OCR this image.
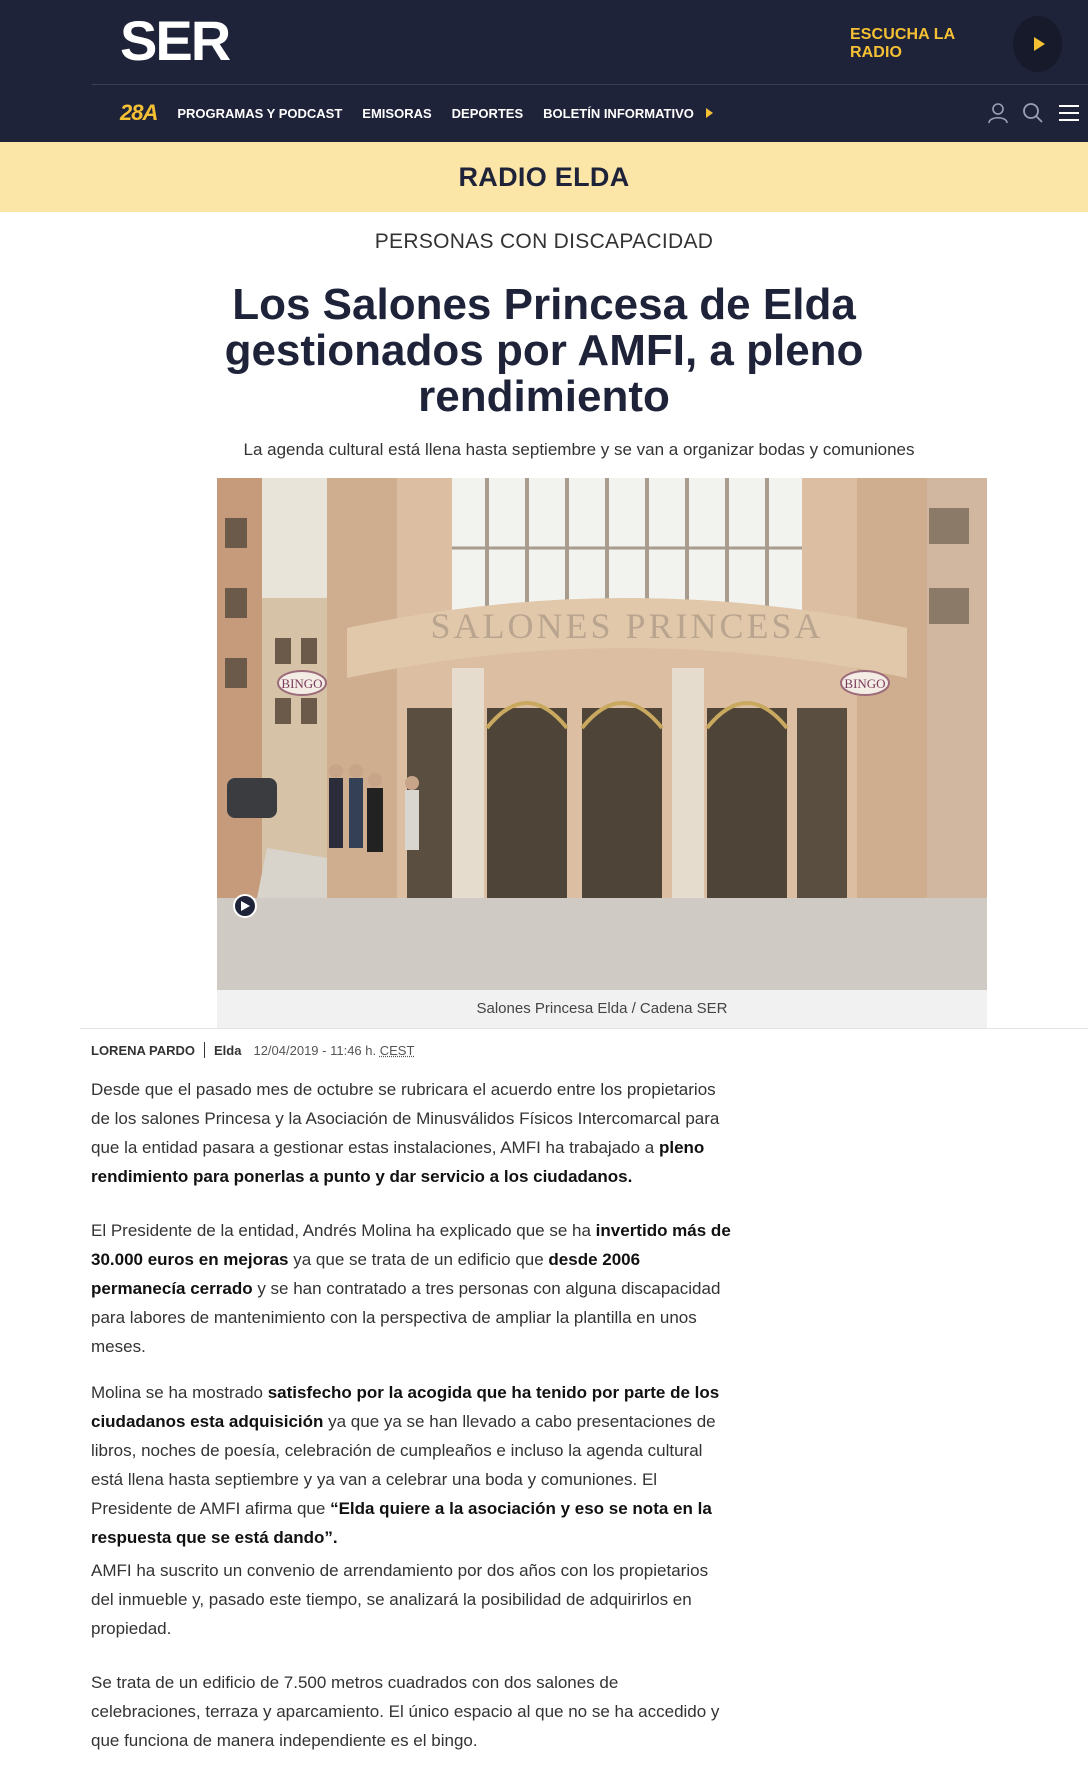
SER	ESCUCHA LA RADIO
28A PROGRAMAS Y PODCAST EMISORAS DEPORTES BOLETÍN INFORMATIVO
RADIO ELDA
PERSONAS CON DISCAPACIDAD
Los Salones Princesa de Elda gestionados por AMFI, a pleno rendimiento
La agenda cultural está llena hasta septiembre y se van a organizar bodas y comuniones
SALONES PRINCESA
BINGO	BINGO
Salones Princesa Elda / Cadena SER
LORENA PARDO Elda 12/04/2019 - 11:46 h.
CEST

Desde que el pasado mes de octubre se rubricara el acuerdo entre los propietarios de los salones Princesa y la Asociación de Minusválidos Físicos Intercomarcal para que la entidad pasara a gestionar estas instalaciones, AMFI ha trabajado a pleno rendimiento para ponerlas a punto y dar servicio a los ciudadanos.

El Presidente de la entidad, Andrés Molina ha explicado que se ha invertido más de 30.000 euros en mejoras ya que se trata de un edificio que desde 2006 permanecía cerrado y se han contratado a tres personas con alguna discapacidad para labores de mantenimiento con la perspectiva de ampliar la plantilla en unos meses.

Molina se ha mostrado satisfecho por la acogida que ha tenido por parte de los ciudadanos esta adquisición ya que ya se han llevado a cabo presentaciones de libros, noches de poesía, celebración de cumpleaños e incluso la agenda cultural está llena hasta septiembre y ya van a celebrar una boda y comuniones. El Presidente de AMFI afirma que “Elda quiere a la asociación y eso se nota en la respuesta que se está dando”.

AMFI ha suscrito un convenio de arrendamiento por dos años con los propietarios del inmueble y, pasado este tiempo, se analizará la posibilidad de adquirirlos en propiedad.

Se trata de un edificio de 7.500 metros cuadrados con dos salones de celebraciones, terraza y aparcamiento. El único espacio al que no se ha accedido y que funciona de manera independiente es el bingo.
